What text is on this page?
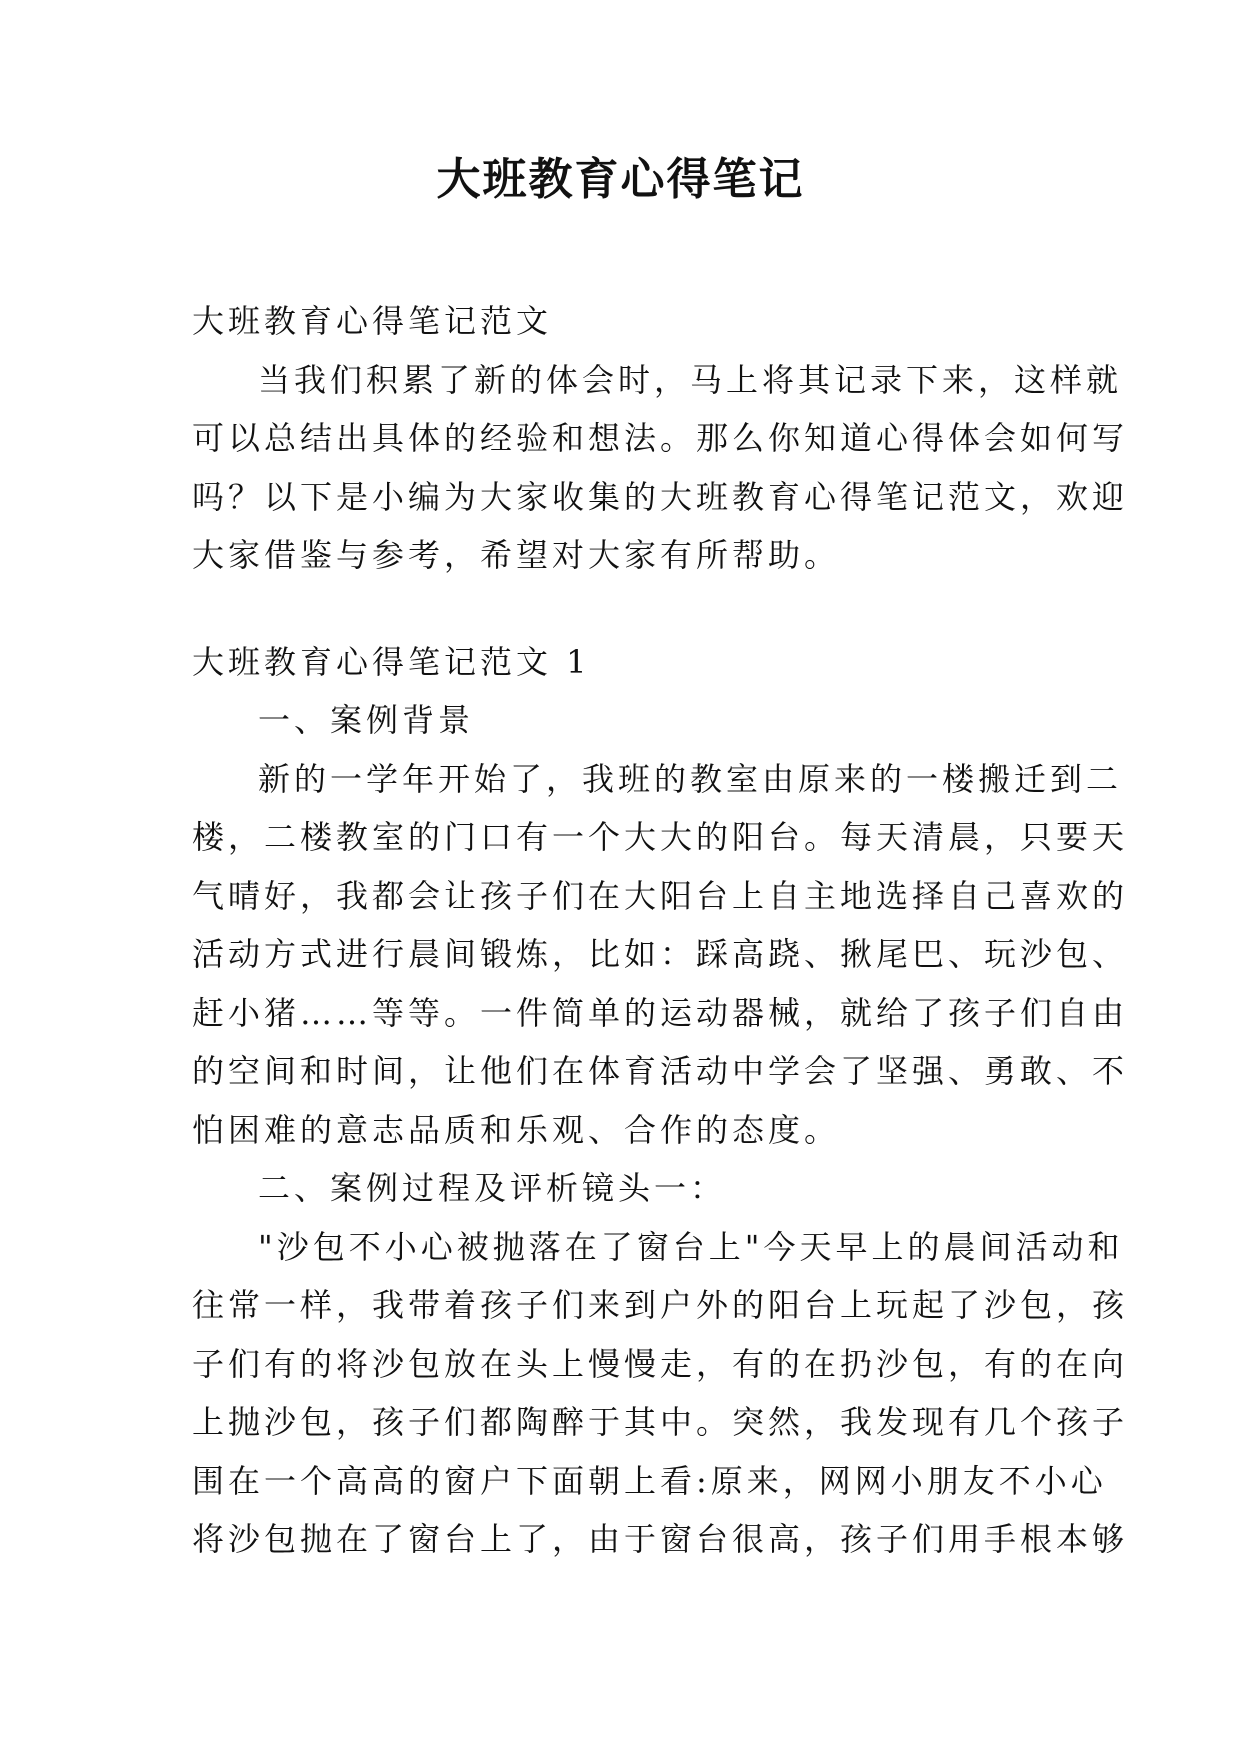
大班教育心得笔记
大班教育心得笔记范文
当我们积累了新的体会时，马上将其记录下来，这样就
可以总结出具体的经验和想法。那么你知道心得体会如何写
吗？以下是小编为大家收集的大班教育心得笔记范文，欢迎
大家借鉴与参考，希望对大家有所帮助。
大班教育心得笔记范文 1
一、案例背景
新的一学年开始了，我班的教室由原来的一楼搬迁到二
楼，二楼教室的门口有一个大大的阳台。每天清晨，只要天
气晴好，我都会让孩子们在大阳台上自主地选择自己喜欢的
活动方式进行晨间锻炼，比如：踩高跷、揪尾巴、玩沙包、
赶小猪……等等。一件简单的运动器械，就给了孩子们自由
的空间和时间，让他们在体育活动中学会了坚强、勇敢、不
怕困难的意志品质和乐观、合作的态度。
二、案例过程及评析镜头一：
"沙包不小心被抛落在了窗台上"今天早上的晨间活动和
往常一样，我带着孩子们来到户外的阳台上玩起了沙包，孩
子们有的将沙包放在头上慢慢走，有的在扔沙包，有的在向
上抛沙包，孩子们都陶醉于其中。突然，我发现有几个孩子
围在一个高高的窗户下面朝上看:原来，网网小朋友不小心
将沙包抛在了窗台上了，由于窗台很高，孩子们用手根本够
